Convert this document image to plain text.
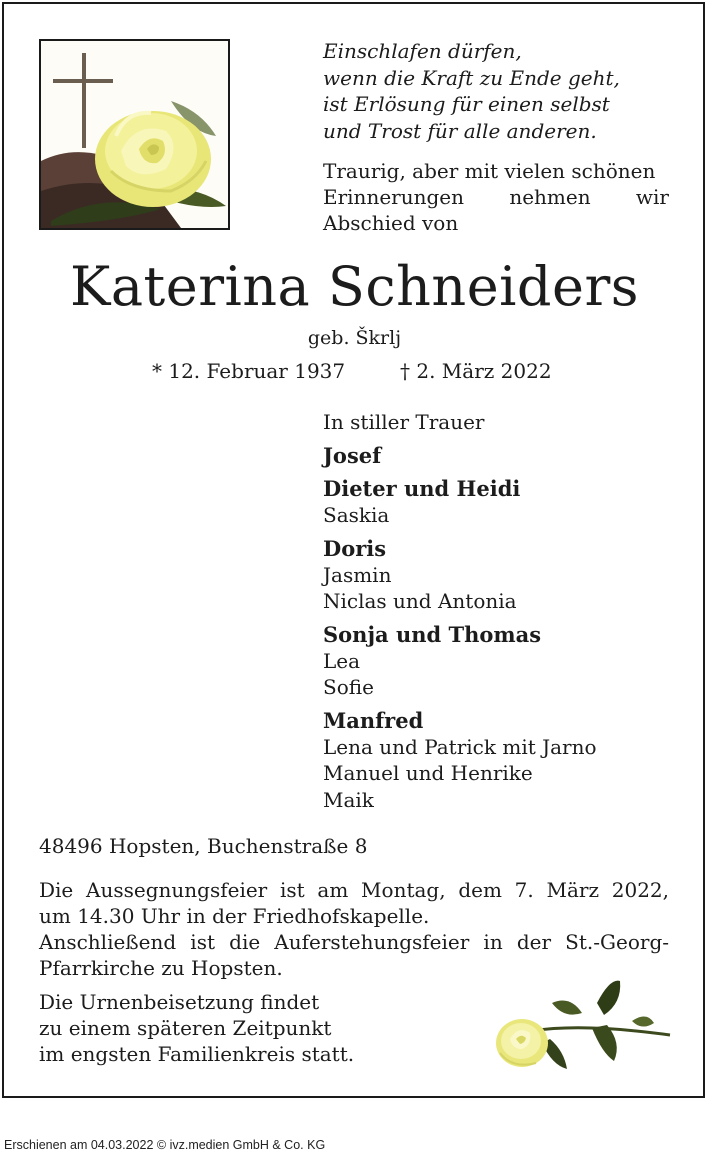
Einschlafen dürfen,
wenn die Kraft zu Ende geht,
ist Erlösung für einen selbst
und Trost für alle anderen.
Traurig, aber mit vielen schönen
Erinnerungen nehmen wir
Abschied von
Katerina Schneiders
geb. Škrlj
* 12. Februar 1937	† 2. März 2022
In stiller Trauer
Josef
Dieter und Heidi
Saskia
Doris
Jasmin
Niclas und Antonia
Sonja und Thomas
Lea
Sofie
Manfred
Lena und Patrick mit Jarno
Manuel und Henrike
Maik
48496 Hopsten, Buchenstraße 8
Die Aussegnungsfeier ist am Montag, dem 7. März 2022,
um 14.30 Uhr in der Friedhofskapelle.
Anschließend ist die Auferstehungsfeier in der St.-Georg-
Pfarrkirche zu Hopsten.
Die Urnenbeisetzung findet
zu einem späteren Zeitpunkt
im engsten Familienkreis statt.
Erschienen am 04.03.2022 © ivz.medien GmbH & Co. KG
